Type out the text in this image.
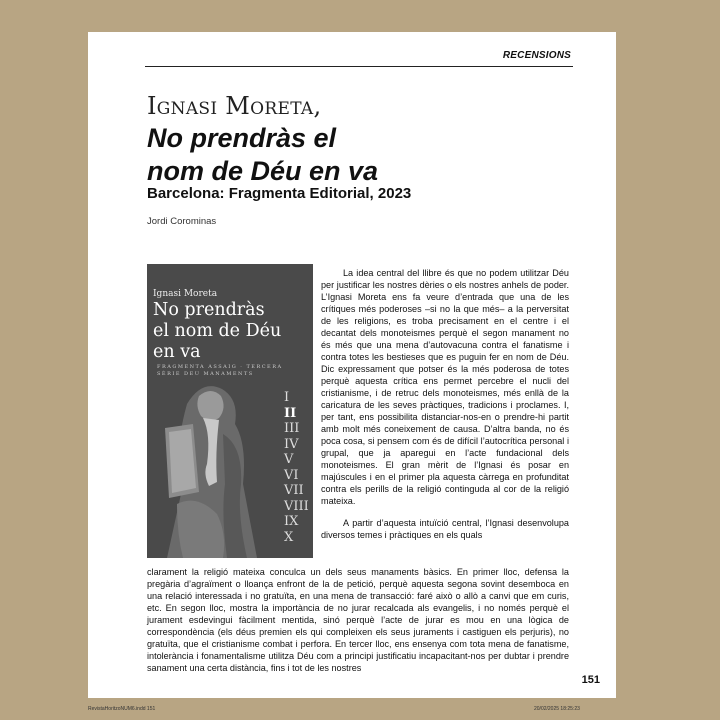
RECENSIONS
Ignasi Moreta,
No prendràs el
nom de Déu en va
Barcelona: Fragmenta Editorial, 2023
Jordi Corominas
Ignasi Moreta
No prendràs
el nom de Déu
en va
FRAGMENTA ASSAIG · TERCERA
SÈRIE DEU MANAMENTS
I
II
III
IV
V
VI
VII
VIII
IX
X

La idea central del llibre és que no podem utilitzar Déu per justificar les nostres dèries o els nostres anhels de poder. L’Ignasi Moreta ens fa veure d’entrada que una de les crítiques més poderoses –si no la que més– a la perversitat de les religions, es troba precisament en el centre i el decantat dels monoteismes perquè el segon manament no és més que una mena d’autovacuna contra el fanatisme i contra totes les bestieses que es puguin fer en nom de Déu. Dic expressament que potser és la més poderosa de totes perquè aquesta crítica ens permet percebre el nucli del cristianisme, i de retruc dels monoteismes, més enllà de la caricatura de les seves pràctiques, tradicions i proclames. I, per tant, ens possibilita distanciar-nos-en o prendre-hi partit amb molt més coneixement de causa. D’altra banda, no és poca cosa, si pensem com és de difícil l’autocrítica personal i grupal, que ja aparegui en l’acte fundacional dels monoteismes. El gran mèrit de l’Ignasi és posar en majúscules i en el primer pla aquesta càrrega en profunditat contra els perills de la religió continguda al cor de la religió mateixa.

A partir d’aquesta intuïció central, l’Ignasi desenvolupa diversos temes i pràctiques en els quals

clarament la religió mateixa conculca un dels seus manaments bàsics. En primer lloc, defensa la pregària d’agraïment o lloança enfront de la de petició, perquè aquesta segona sovint desemboca en una relació interessada i no gratuïta, en una mena de transacció: faré això o allò a canvi que em curis, etc. En segon lloc, mostra la importància de no jurar recalcada als evangelis, i no només perquè el jurament esdevingui fàcilment mentida, sinó perquè l’acte de jurar es mou en una lògica de correspondència (els déus premien els qui compleixen els seus juraments i castiguen els perjuris), no gratuïta, que el cristianisme combat i perfora. En tercer lloc, ens ensenya com tota mena de fanatisme, intolerància i fonamentalisme utilitza Déu com a principi justificatiu incapacitant-nos per dubtar i prendre sanament una certa distància, fins i tot de les nostres

151
RevistaHoritzoNUM6.indd 151	20/02/2025 18:25:23
